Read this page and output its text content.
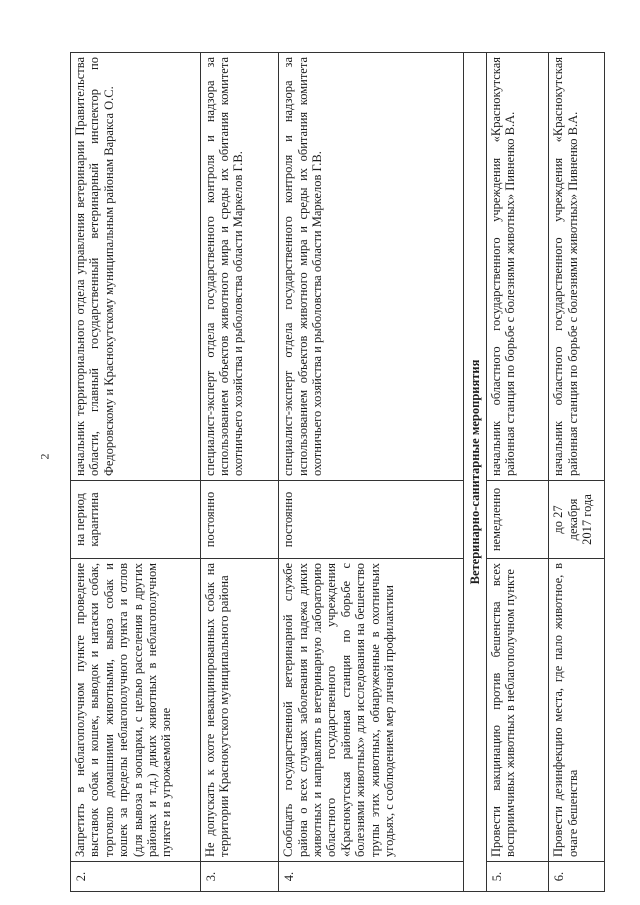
2
2.	Запретить в неблагополучном пункте проведение выставок собак и кошек, выводок и натаски собак, торговлю домашними животными, вывоз собак и кошек за пределы неблагополучного пункта и отлов (для вывоза в зоопарки, с целью расселения в других районах и т.д.) диких животных в неблагополучном пункте и в угрожаемой зоне	на период карантина	начальник территориального отдела управления ветеринарии Правительства области, главный государственный ветеринарный инспектор по Федоровскому и Краснокутскому муниципальным районам Варакса О.С.
3.	Не допускать к охоте невакцинированных собак на территории Краснокутского муниципального района	постоянно	специалист-эксперт отдела государственного контроля и надзора за использованием объектов животного мира и среды их обитания комитета охотничьего хозяйства и рыболовства области Маркелов Г.В.
4.	Сообщать государственной ветеринарной службе района о всех случаях заболевания и падежа диких животных и направлять в ветеринарную лабораторию областного государственного учреждения «Краснокутская районная станция по борьбе с болезнями животных» для исследования на бешенство трупы этих животных, обнаруженные в охотничьих угодьях, с соблюдением мер личной профилактики	постоянно	специалист-эксперт отдела государственного контроля и надзора за использованием объектов животного мира и среды их обитания комитета охотничьего хозяйства и рыболовства области Маркелов Г.В.
Ветеринарно-санитарные мероприятия			
5.	Провести вакцинацию против бешенства всех восприимчивых животных в неблагополучном пункте	немедленно	начальник областного государственного учреждения «Краснокутская районная станция по борьбе с болезнями животных» Пивненко В.А.
6.	Провести дезинфекцию места, где пало животное, в очаге бешенства	до 27 декабря 2017 года	начальник областного государственного учреждения «Краснокутская районная станция по борьбе с болезнями животных» Пивненко В.А.
